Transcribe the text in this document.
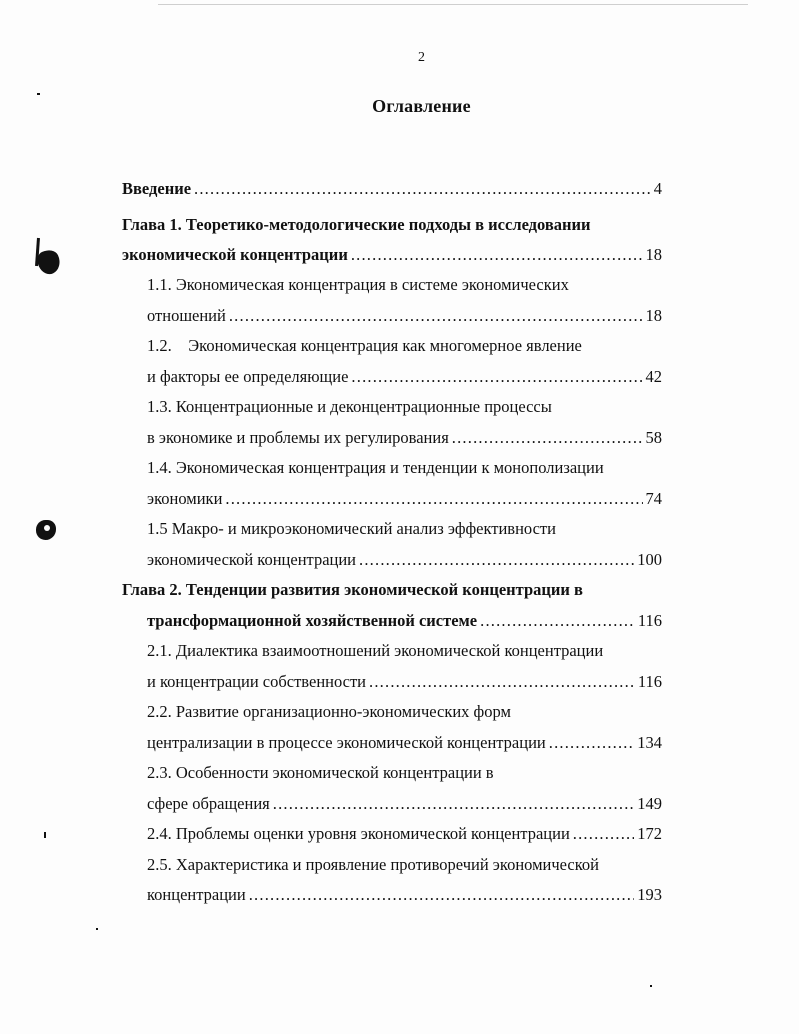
2
Оглавление
Введение .....	4
Глава 1. Теоретико-методологические подходы в исследовании
экономической концентрации .....	18
1.1. Экономическая концентрация в системе экономических
отношений .....	18
1.2.    Экономическая концентрация как многомерное явление
и факторы ее определяющие .....	42
1.3. Концентрационные и деконцентрационные процессы
в экономике и проблемы их регулирования .....	58
1.4. Экономическая концентрация и тенденции к монополизации
экономики .....	74
1.5 Макро- и микроэкономический анализ эффективности
экономической концентрации .....	100
Глава 2. Тенденции развития экономической концентрации в
трансформационной хозяйственной системе .....	116
2.1. Диалектика взаимоотношений экономической концентрации
и концентрации собственности .....	116
2.2. Развитие организационно-экономических форм
централизации в процессе экономической концентрации .....	134
2.3. Особенности экономической концентрации в
сфере обращения .....	149
2.4. Проблемы оценки уровня экономической концентрации .....	172
2.5. Характеристика и проявление противоречий экономической
концентрации .....	193
